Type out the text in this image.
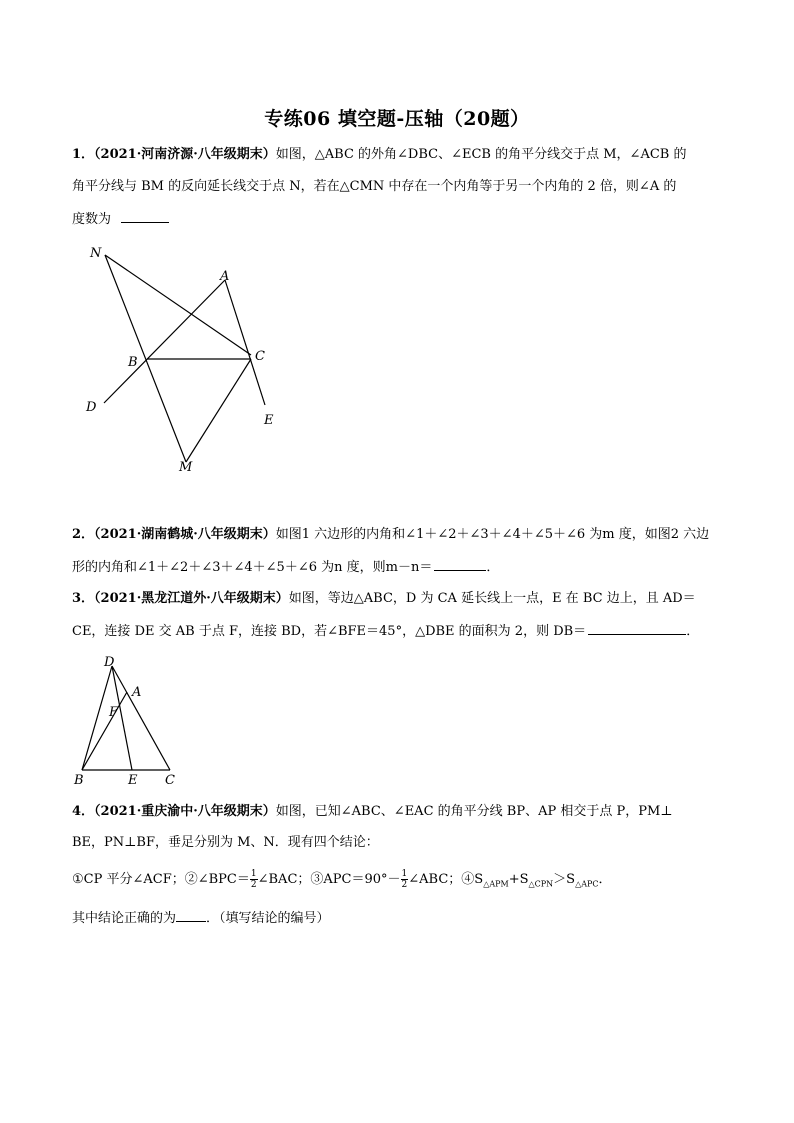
专练06 填空题-压轴（20题）
1．（2021·河南济源·八年级期末）如图，△ABC 的外角∠DBC、∠ECB 的角平分线交于点 M，∠ACB 的
角平分线与 BM 的反向延长线交于点 N，若在△CMN 中存在一个内角等于另一个内角的 2 倍，则∠A 的
度数为
N
A
B	C
D
E
M
2．（2021·湖南鹤城·八年级期末）如图1 六边形的内角和∠1＋∠2＋∠3＋∠4＋∠5＋∠6 为m 度，如图2 六边
形的内角和∠1＋∠2＋∠3＋∠4＋∠5＋∠6 为n 度，则m－n＝	．
3．（2021·黑龙江道外·八年级期末）如图，等边△ABC，D 为 CA 延长线上一点，E 在 BC 边上，且 AD＝
CE，连接 DE 交 AB 于点 F，连接 BD，若∠BFE＝45°，△DBE 的面积为 2，则 DB＝	．
D
A
F
B	E C
4．（2021·重庆渝中·八年级期末）如图，已知∠ABC、∠EAC 的角平分线 BP、AP 相交于点 P，PM⊥
BE，PN⊥BF，垂足分别为 M、N．现有四个结论：
①CP 平分∠ACF；②∠BPC＝ $\frac{1}{2}$ ∠BAC；③APC＝90°－ $\frac{1}{2}$ ∠ABC；$④S_{\triangle APM}+S_{\triangle CPN}>S_{\triangle APC}$．
其中结论正确的为 ．（填写结论的编号）
